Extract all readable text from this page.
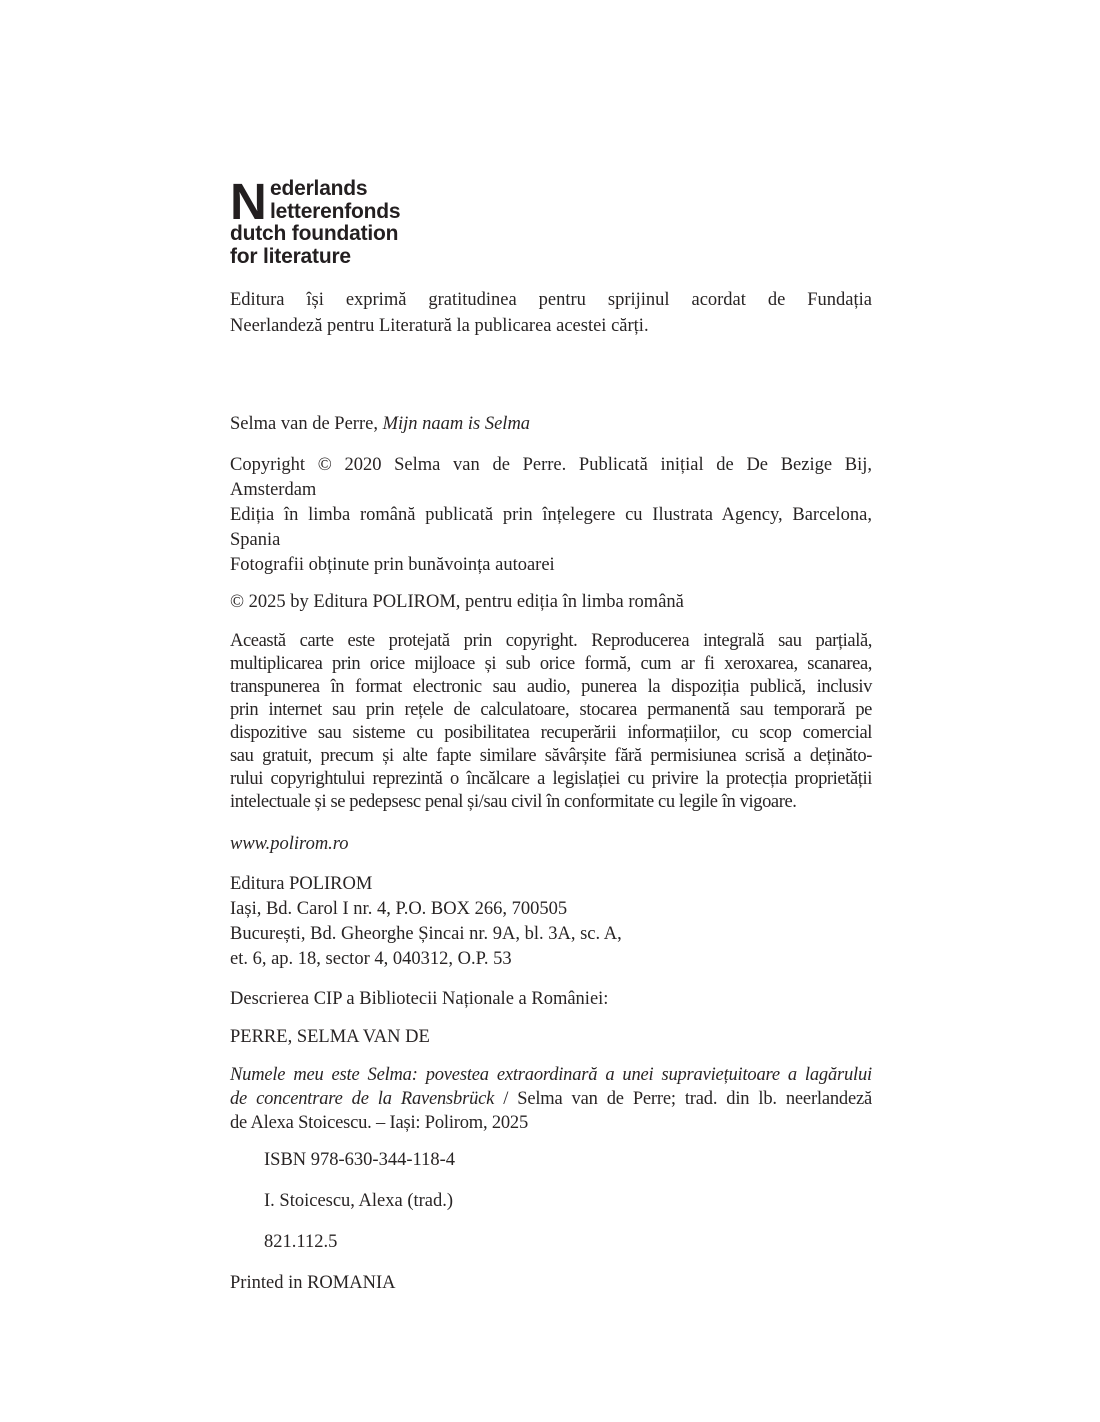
N ederlands
letterenfonds
dutch foundation
for literature
Editura își exprimă gratitudinea pentru sprijinul acordat de Fundația
Neerlandeză pentru Literatură la publicarea acestei cărți.
Selma van de Perre, Mijn naam is Selma
Copyright © 2020 Selma van de Perre. Publicată inițial de De Bezige Bij,
Amsterdam
Ediția în limba română publicată prin înțelegere cu Ilustrata Agency, Barcelona,
Spania
Fotografii obținute prin bunăvoința autoarei
© 2025 by Editura POLIROM, pentru ediția în limba română
Această carte este protejată prin copyright. Reproducerea integrală sau parțială,
multiplicarea prin orice mijloace și sub orice formă, cum ar fi xeroxarea, scanarea,
transpunerea în format electronic sau audio, punerea la dispoziția publică, inclusiv
prin internet sau prin rețele de calculatoare, stocarea permanentă sau temporară pe
dispozitive sau sisteme cu posibilitatea recuperării informațiilor, cu scop comercial
sau gratuit, precum și alte fapte similare săvârșite fără permisiunea scrisă a deținăto-
rului copyrightului reprezintă o încălcare a legislației cu privire la protecția proprietății
intelectuale și se pedepsesc penal și/sau civil în conformitate cu legile în vigoare.
www.polirom.ro
Editura POLIROM
Iași, Bd. Carol I nr. 4, P.O. BOX 266, 700505
București, Bd. Gheorghe Șincai nr. 9A, bl. 3A, sc. A,
et. 6, ap. 18, sector 4, 040312, O.P. 53
Descrierea CIP a Bibliotecii Naționale a României:
PERRE, SELMA VAN DE
Numele meu este Selma: povestea extraordinară a unei supraviețuitoare a lagărului
de concentrare de la Ravensbrück / Selma van de Perre; trad. din lb. neerlandeză
de Alexa Stoicescu. – Iași: Polirom, 2025
ISBN 978-630-344-118-4
I. Stoicescu, Alexa (trad.)
821.112.5
Printed in ROMANIA
